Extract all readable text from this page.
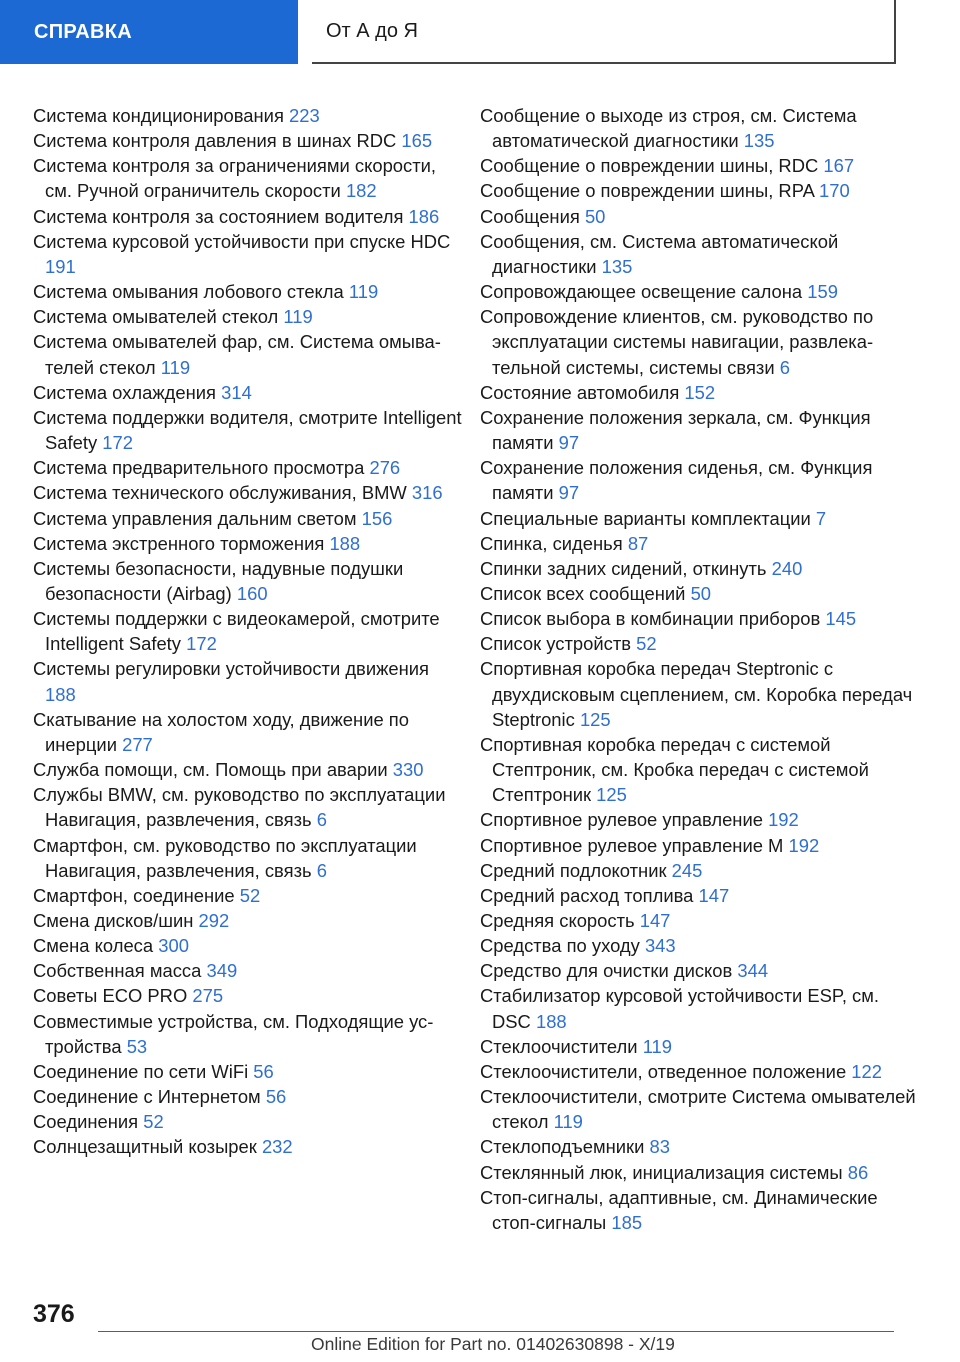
СПРАВКА	От А до Я
Система кондиционирования 223
Система контроля давления в шинах RDC 165
Система контроля за ограничениями скорости, см. Ручной ограничитель скорости 182
Система контроля за состоянием водителя 186
Система курсовой устойчивости при спуске HDC 191
Система омывания лобового стекла 119
Система омывателей стекол 119
Система омывателей фар, см. Система омывателей стекол 119
Система охлаждения 314
Система поддержки водителя, смотрите Intelligent Safety 172
Система предварительного просмотра 276
Система технического обслуживания, BMW 316
Система управления дальним светом 156
Система экстренного торможения 188
Системы безопасности, надувные подушки безопасности (Airbag) 160
Системы поддержки с видеокамерой, смотрите Intelligent Safety 172
Системы регулировки устойчивости движения 188
Скатывание на холостом ходу, движение по инерции 277
Служба помощи, см. Помощь при аварии 330
Службы BMW, см. руководство по эксплуатации Навигация, развлечения, связь 6
Смартфон, см. руководство по эксплуатации Навигация, развлечения, связь 6
Смартфон, соединение 52
Смена дисков/шин 292
Смена колеса 300
Собственная масса 349
Советы ECO PRO 275
Совместимые устройства, см. Подходящие устройства 53
Соединение по сети WiFi 56
Соединение с Интернетом 56
Соединения 52
Солнцезащитный козырек 232
Сообщение о выходе из строя, см. Система автоматической диагностики 135
Сообщение о повреждении шины, RDC 167
Сообщение о повреждении шины, RPA 170
Сообщения 50
Сообщения, см. Система автоматической диагностики 135
Сопровождающее освещение салона 159
Сопровождение клиентов, см. руководство по эксплуатации системы навигации, развлекательной системы, системы связи 6
Состояние автомобиля 152
Сохранение положения зеркала, см. Функция памяти 97
Сохранение положения сиденья, см. Функция памяти 97
Специальные варианты комплектации 7
Спинка, сиденья 87
Спинки задних сидений, откинуть 240
Список всех сообщений 50
Список выбора в комбинации приборов 145
Список устройств 52
Спортивная коробка передач Steptronic с двухдисковым сцеплением, см. Коробка передач Steptronic 125
Спортивная коробка передач с системой Стептроник, см. Кробка передач с системой Стептроник 125
Спортивное рулевое управление 192
Спортивное рулевое управление M 192
Средний подлокотник 245
Средний расход топлива 147
Средняя скорость 147
Средства по уходу 343
Средство для очистки дисков 344
Стабилизатор курсовой устойчивости ESP, см. DSC 188
Стеклоочистители 119
Стеклоочистители, отведенное положение 122
Стеклоочистители, смотрите Система омывателей стекол 119
Стеклоподъемники 83
Стеклянный люк, инициализация системы 86
Стоп-сигналы, адаптивные, см. Динамические стоп-сигналы 185
376
Online Edition for Part no. 01402630898 - X/19
